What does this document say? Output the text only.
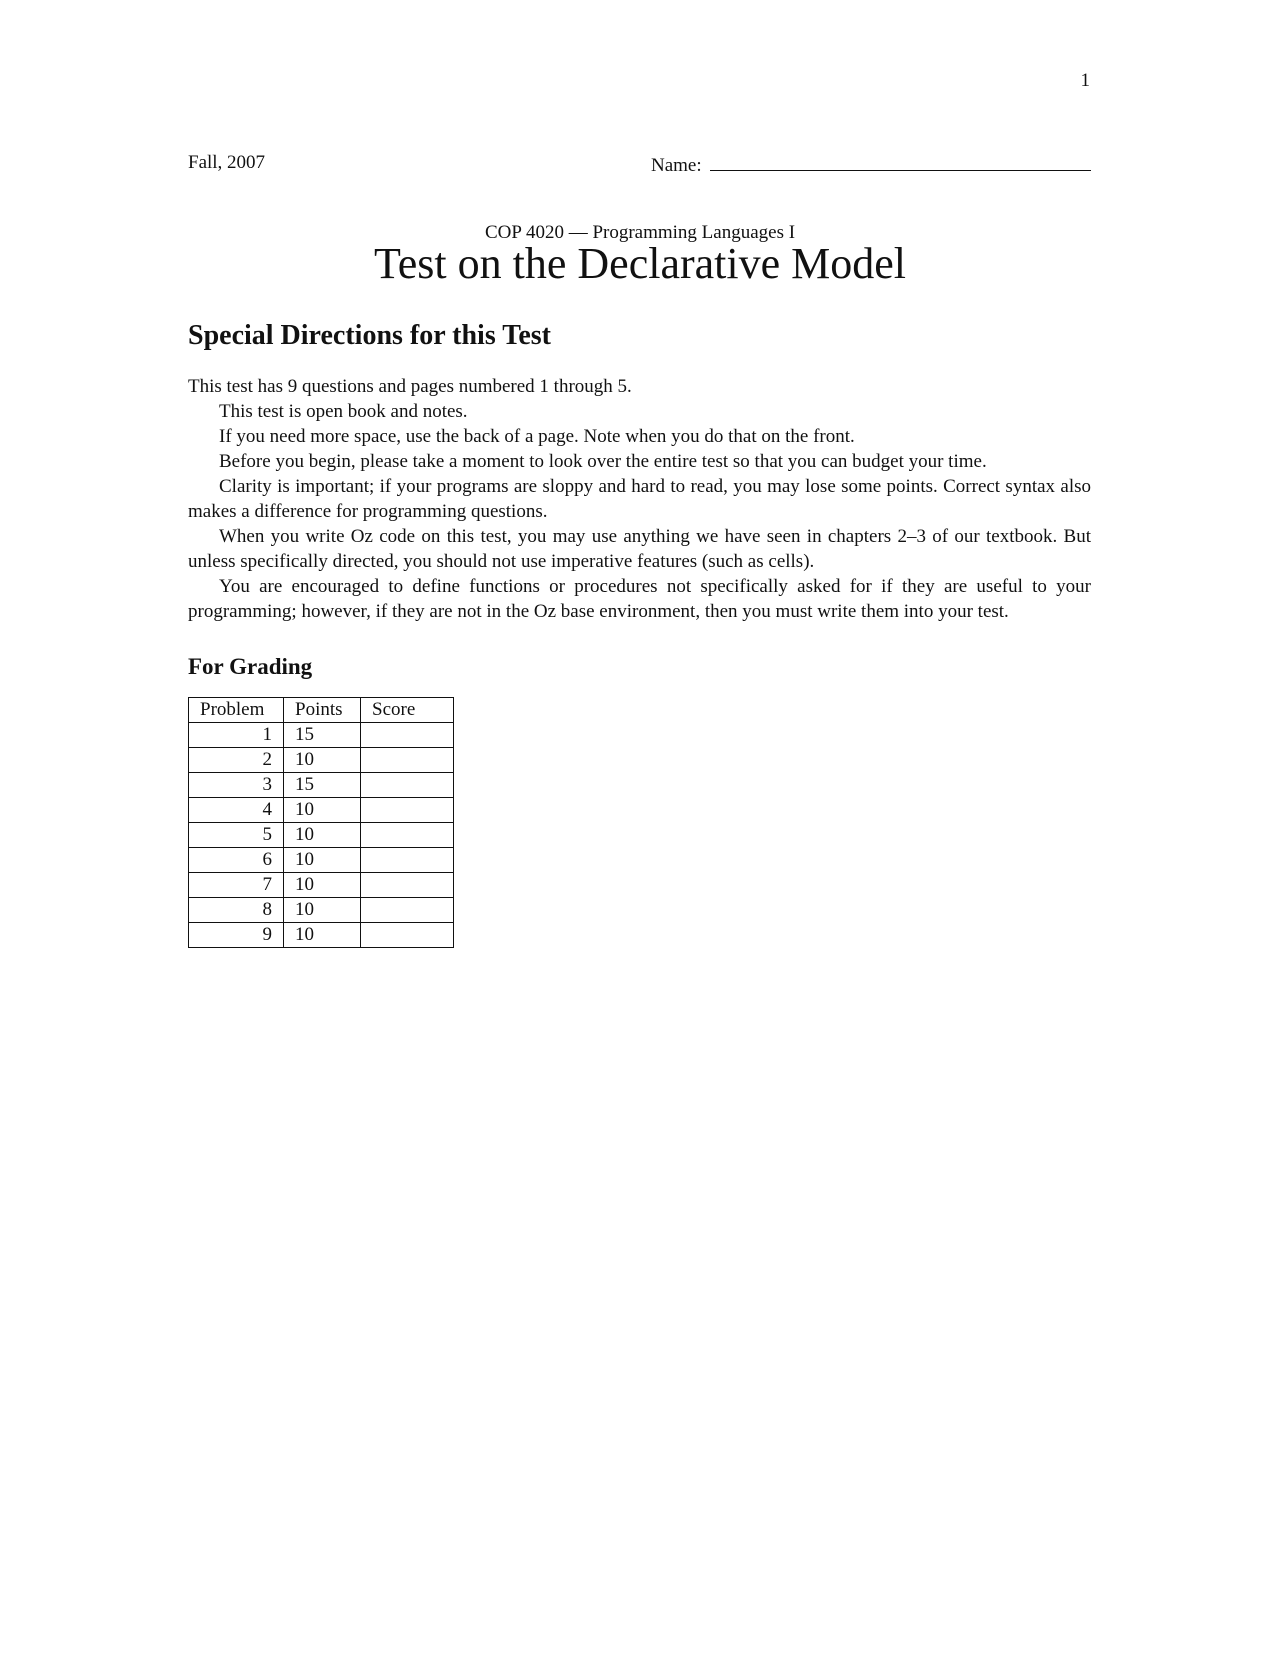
1
Fall, 2007	Name:
COP 4020 — Programming Languages I
Test on the Declarative Model
Special Directions for this Test

This test has 9 questions and pages numbered 1 through 5.

This test is open book and notes.

If you need more space, use the back of a page. Note when you do that on the front.

Before you begin, please take a moment to look over the entire test so that you can budget your time.

Clarity is important; if your programs are sloppy and hard to read, you may lose some points. Correct syntax also makes a difference for programming questions.

When you write Oz code on this test, you may use anything we have seen in chapters 2–3 of our textbook. But unless specifically directed, you should not use imperative features (such as cells).

You are encouraged to define functions or procedures not specifically asked for if they are useful to your programming; however, if they are not in the Oz base environment, then you must write them into your test.

For Grading
Problem	Points	Score
1	15	
2	10	
3	15	
4	10	
5	10	
6	10	
7	10	
8	10	
9	10	
